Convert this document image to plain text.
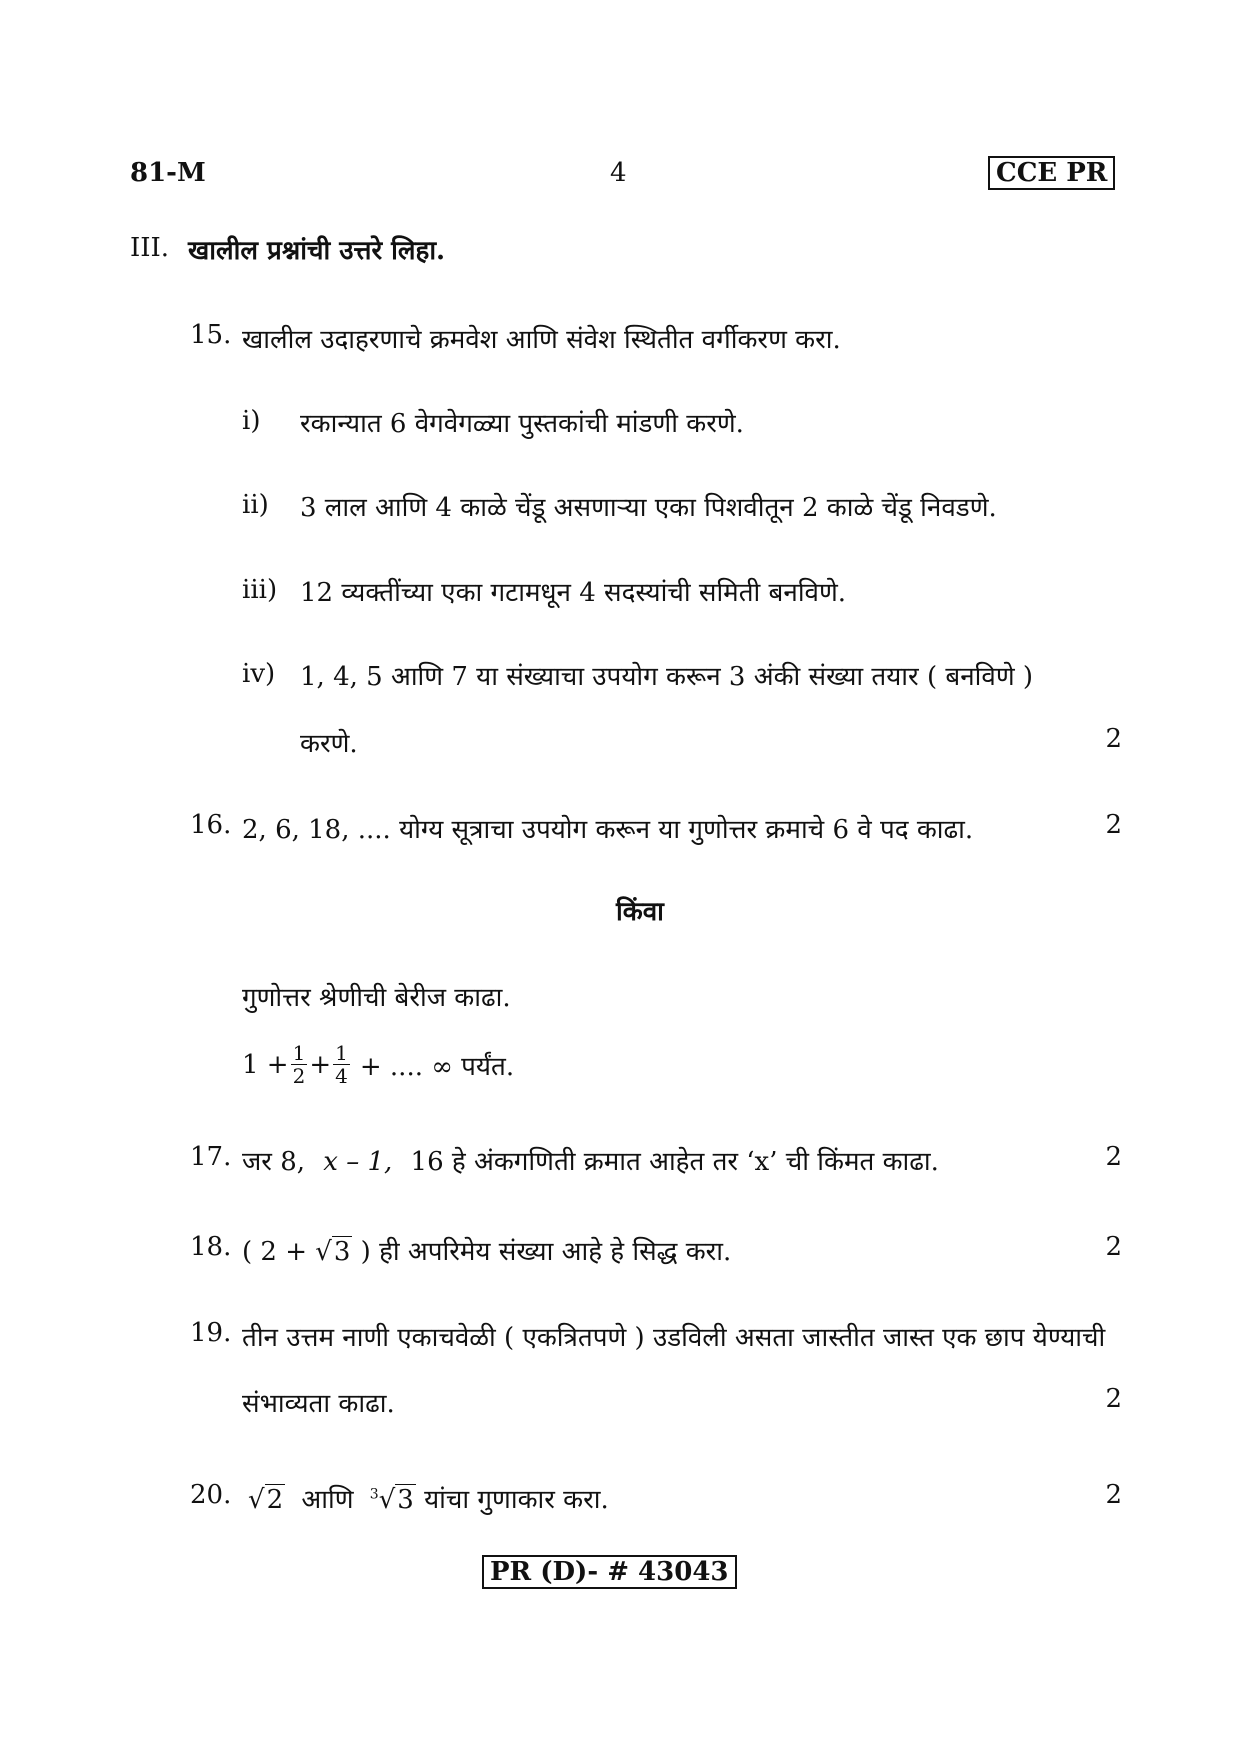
81-M	4	CCE PR
III. खालील प्रश्नांची उत्तरे लिहा.
15. खालील उदाहरणाचे क्रमवेश आणि संवेश स्थितीत वर्गीकरण करा.
i) रकान्यात 6 वेगवेगळ्या पुस्तकांची मांडणी करणे.
ii) 3 लाल आणि 4 काळे चेंडू असणाऱ्या एका पिशवीतून 2 काळे चेंडू निवडणे.
iii) 12 व्यक्तींच्या एका गटामधून 4 सदस्यांची समिती बनविणे.
iv) 1, 4, 5 आणि 7 या संख्याचा उपयोग करून 3 अंकी संख्या तयार ( बनविणे )
करणे.	2
16. 2, 6, 18, .... योग्य सूत्राचा उपयोग करून या गुणोत्तर क्रमाचे 6 वे पद काढा.	2
किंवा
गुणोत्तर श्रेणीची बेरीज काढा.
$1 + \frac{1}{2} + \frac{1}{4}$ + .... ∞ पर्यंत.
17. जर 8, x – 1, 16 हे अंकगणिती क्रमात आहेत तर ‘x’ ची किंमत काढा.	2
18. ( 2 + √3 ) ही अपरिमेय संख्या आहे हे सिद्ध करा.	2
19. तीन उत्तम नाणी एकाचवेळी ( एकत्रितपणे ) उडविली असता जास्तीत जास्त एक छाप येण्याची
संभाव्यता काढा.	2
20. √2 आणि $^3$√3 यांचा गुणाकार करा.	2
PR (D)- # 43043
